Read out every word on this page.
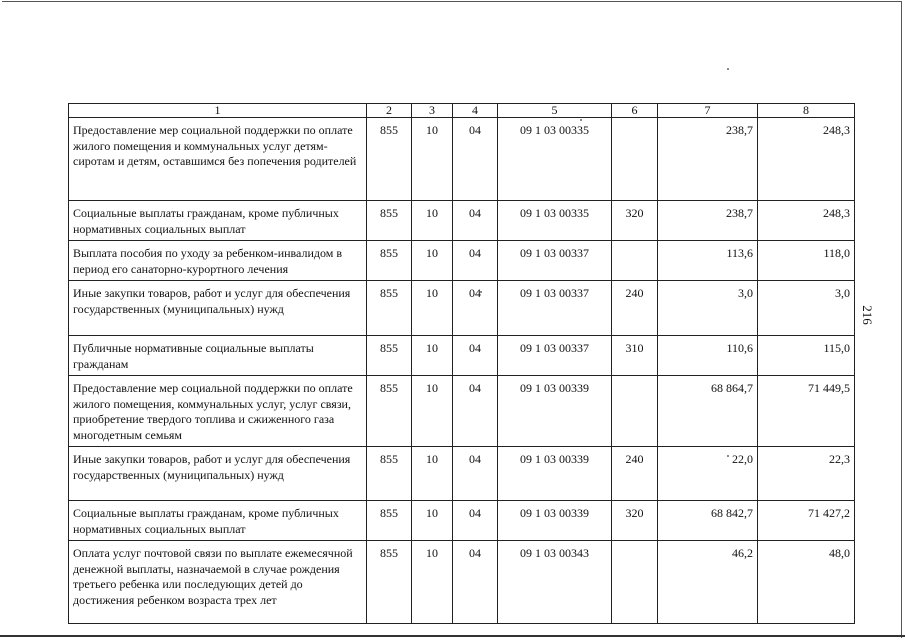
216
1	2	3	4	5	6	7	8
Предоставление мер социальной поддержки по оплате жилого помещения и коммунальных услуг детям-сиротам и детям, оставшимся без попечения родителей	855	10	04	09 1 03 00335		238,7	248,3
Социальные выплаты гражданам, кроме публичных нормативных социальных выплат	855	10	04	09 1 03 00335	320	238,7	248,3
Выплата пособия по уходу за ребенком-инвалидом в период его санаторно-курортного лечения	855	10	04	09 1 03 00337		113,6	118,0
Иные закупки товаров, работ и услуг для обеспечения государственных (муниципальных) нужд	855	10	04	09 1 03 00337	240	3,0	3,0
Публичные нормативные социальные выплаты гражданам	855	10	04	09 1 03 00337	310	110,6	115,0
Предоставление мер социальной поддержки по оплате жилого помещения, коммунальных услуг, услуг связи, приобретение твердого топлива и сжиженного газа многодетным семьям	855	10	04	09 1 03 00339		68 864,7	71 449,5
Иные закупки товаров, работ и услуг для обеспечения государственных (муниципальных) нужд	855	10	04	09 1 03 00339	240	22,0	22,3
Социальные выплаты гражданам, кроме публичных нормативных социальных выплат	855	10	04	09 1 03 00339	320	68 842,7	71 427,2
Оплата услуг почтовой связи по выплате ежемесячной денежной выплаты, назначаемой в случае рождения третьего ребенка или последующих детей до достижения ребенком возраста трех лет	855	10	04	09 1 03 00343		46,2	48,0
